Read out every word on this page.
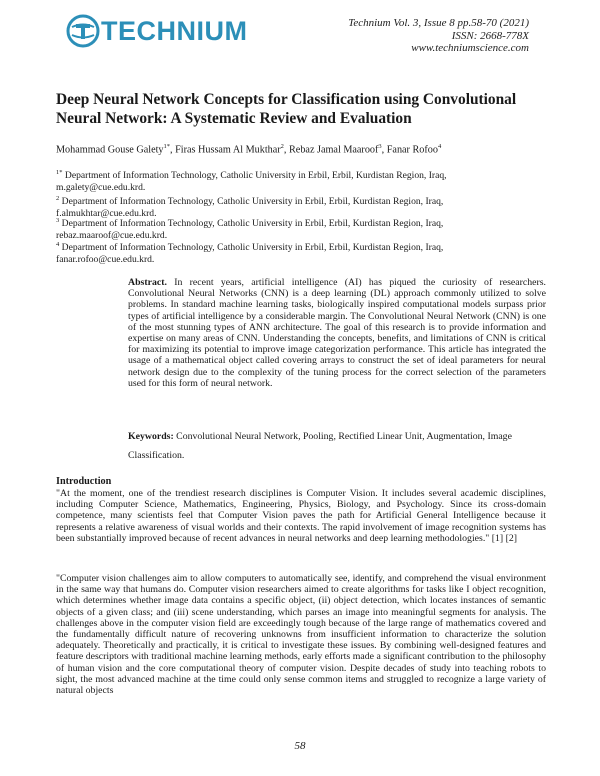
TECHNIUM	Technium Vol. 3, Issue 8 pp.58-70 (2021)
ISSN: 2668-778X
www.techniumscience.com
Deep Neural Network Concepts for Classification using Convolutional Neural Network: A Systematic Review and Evaluation
Mohammad Gouse Galety$^{1*}$, Firas Hussam Al Mukthar$^2$, Rebaz Jamal Maaroof$^3$, Fanar Rofoo$^4$
$^{1*}$ Department of Information Technology, Catholic University in Erbil, Erbil, Kurdistan Region, Iraq,
m.galety@cue.edu.krd.
$^2$ Department of Information Technology, Catholic University in Erbil, Erbil, Kurdistan Region, Iraq,
f.almukhtar@cue.edu.krd.
$^3$ Department of Information Technology, Catholic University in Erbil, Erbil, Kurdistan Region, Iraq,
rebaz.maaroof@cue.edu.krd.
$^4$ Department of Information Technology, Catholic University in Erbil, Erbil, Kurdistan Region, Iraq,
fanar.rofoo@cue.edu.krd.
Abstract. In recent years, artificial intelligence (AI) has piqued the curiosity of researchers. Convolutional Neural Networks (CNN) is a deep learning (DL) approach commonly utilized to solve problems. In standard machine learning tasks, biologically inspired computational models surpass prior types of artificial intelligence by a considerable margin. The Convolutional Neural Network (CNN) is one of the most stunning types of ANN architecture. The goal of this research is to provide information and expertise on many areas of CNN. Understanding the concepts, benefits, and limitations of CNN is critical for maximizing its potential to improve image categorization performance. This article has integrated the usage of a mathematical object called covering arrays to construct the set of ideal parameters for neural network design due to the complexity of the tuning process for the correct selection of the parameters used for this form of neural network.
Keywords: Convolutional Neural Network, Pooling, Rectified Linear Unit, Augmentation, Image Classification.
Introduction
"At the moment, one of the trendiest research disciplines is Computer Vision. It includes several academic disciplines, including Computer Science, Mathematics, Engineering, Physics, Biology, and Psychology. Since its cross-domain competence, many scientists feel that Computer Vision paves the path for Artificial General Intelligence because it represents a relative awareness of visual worlds and their contexts. The rapid involvement of image recognition systems has been substantially improved because of recent advances in neural networks and deep learning methodologies." [1] [2]
"Computer vision challenges aim to allow computers to automatically see, identify, and comprehend the visual environment in the same way that humans do. Computer vision researchers aimed to create algorithms for tasks like I object recognition, which determines whether image data contains a specific object, (ii) object detection, which locates instances of semantic objects of a given class; and (iii) scene understanding, which parses an image into meaningful segments for analysis. The challenges above in the computer vision field are exceedingly tough because of the large range of mathematics covered and the fundamentally difficult nature of recovering unknowns from insufficient information to characterize the solution adequately. Theoretically and practically, it is critical to investigate these issues. By combining well-designed features and feature descriptors with traditional machine learning methods, early efforts made a significant contribution to the philosophy of human vision and the core computational theory of computer vision. Despite decades of study into teaching robots to sight, the most advanced machine at the time could only sense common items and struggled to recognize a large variety of natural objects
58
